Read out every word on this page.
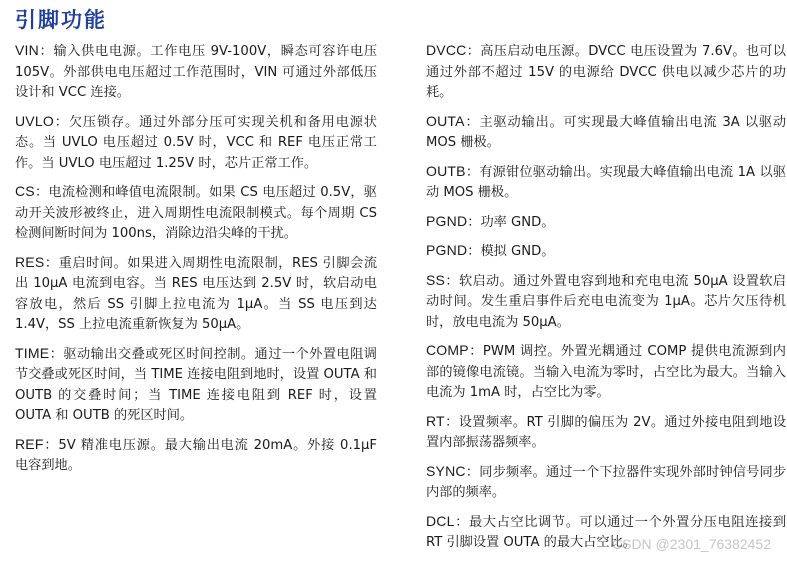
引脚功能

VIN：输入供电电源。工作电压 9V-100V，瞬态可容许电压 105V。外部供电电压超过工作范围时，VIN 可通过外部低压设计和 VCC 连接。

UVLO：欠压锁存。通过外部分压可实现关机和备用电源状态。当 UVLO 电压超过 0.5V 时，VCC 和 REF 电压正常工作。当 UVLO 电压超过 1.25V 时，芯片正常工作。

CS：电流检测和峰值电流限制。如果 CS 电压超过 0.5V，驱动开关波形被终止，进入周期性电流限制模式。每个周期 CS 检测间断时间为 100ns，消除边沿尖峰的干扰。

RES：重启时间。如果进入周期性电流限制，RES 引脚会流出 10μA 电流到电容。当 RES 电压达到 2.5V 时，软启动电容放电，然后 SS 引脚上拉电流为 1μA。当 SS 电压到达 1.4V，SS 上拉电流重新恢复为 50μA。

TIME：驱动输出交叠或死区时间控制。通过一个外置电阻调节交叠或死区时间，当 TIME 连接电阻到地时，设置 OUTA 和 OUTB 的交叠时间；当 TIME 连接电阻到 REF 时，设置 OUTA 和 OUTB 的死区时间。

REF：5V 精准电压源。最大输出电流 20mA。外接 0.1μF 电容到地。

DVCC：高压启动电压源。DVCC 电压设置为 7.6V。也可以通过外部不超过 15V 的电源给 DVCC 供电以减少芯片的功耗。

OUTA：主驱动输出。可实现最大峰值输出电流 3A 以驱动 MOS 栅极。

OUTB：有源钳位驱动输出。实现最大峰值输出电流 1A 以驱动 MOS 栅极。

PGND：功率 GND。

PGND：模拟 GND。

SS：软启动。通过外置电容到地和充电电流 50μA 设置软启动时间。发生重启事件后充电电流变为 1μA。芯片欠压待机时，放电电流为 50μA。

COMP：PWM 调控。外置光耦通过 COMP 提供电流源到内部的镜像电流镜。当输入电流为零时，占空比为最大。当输入电流为 1mA 时，占空比为零。

RT：设置频率。RT 引脚的偏压为 2V。通过外接电阻到地设置内部振荡器频率。

SYNC：同步频率。通过一个下拉器件实现外部时钟信号同步内部的频率。

DCL：最大占空比调节。可以通过一个外置分压电阻连接到 RT 引脚设置 OUTA 的最大占空比。

CSDN @2301_76382452
